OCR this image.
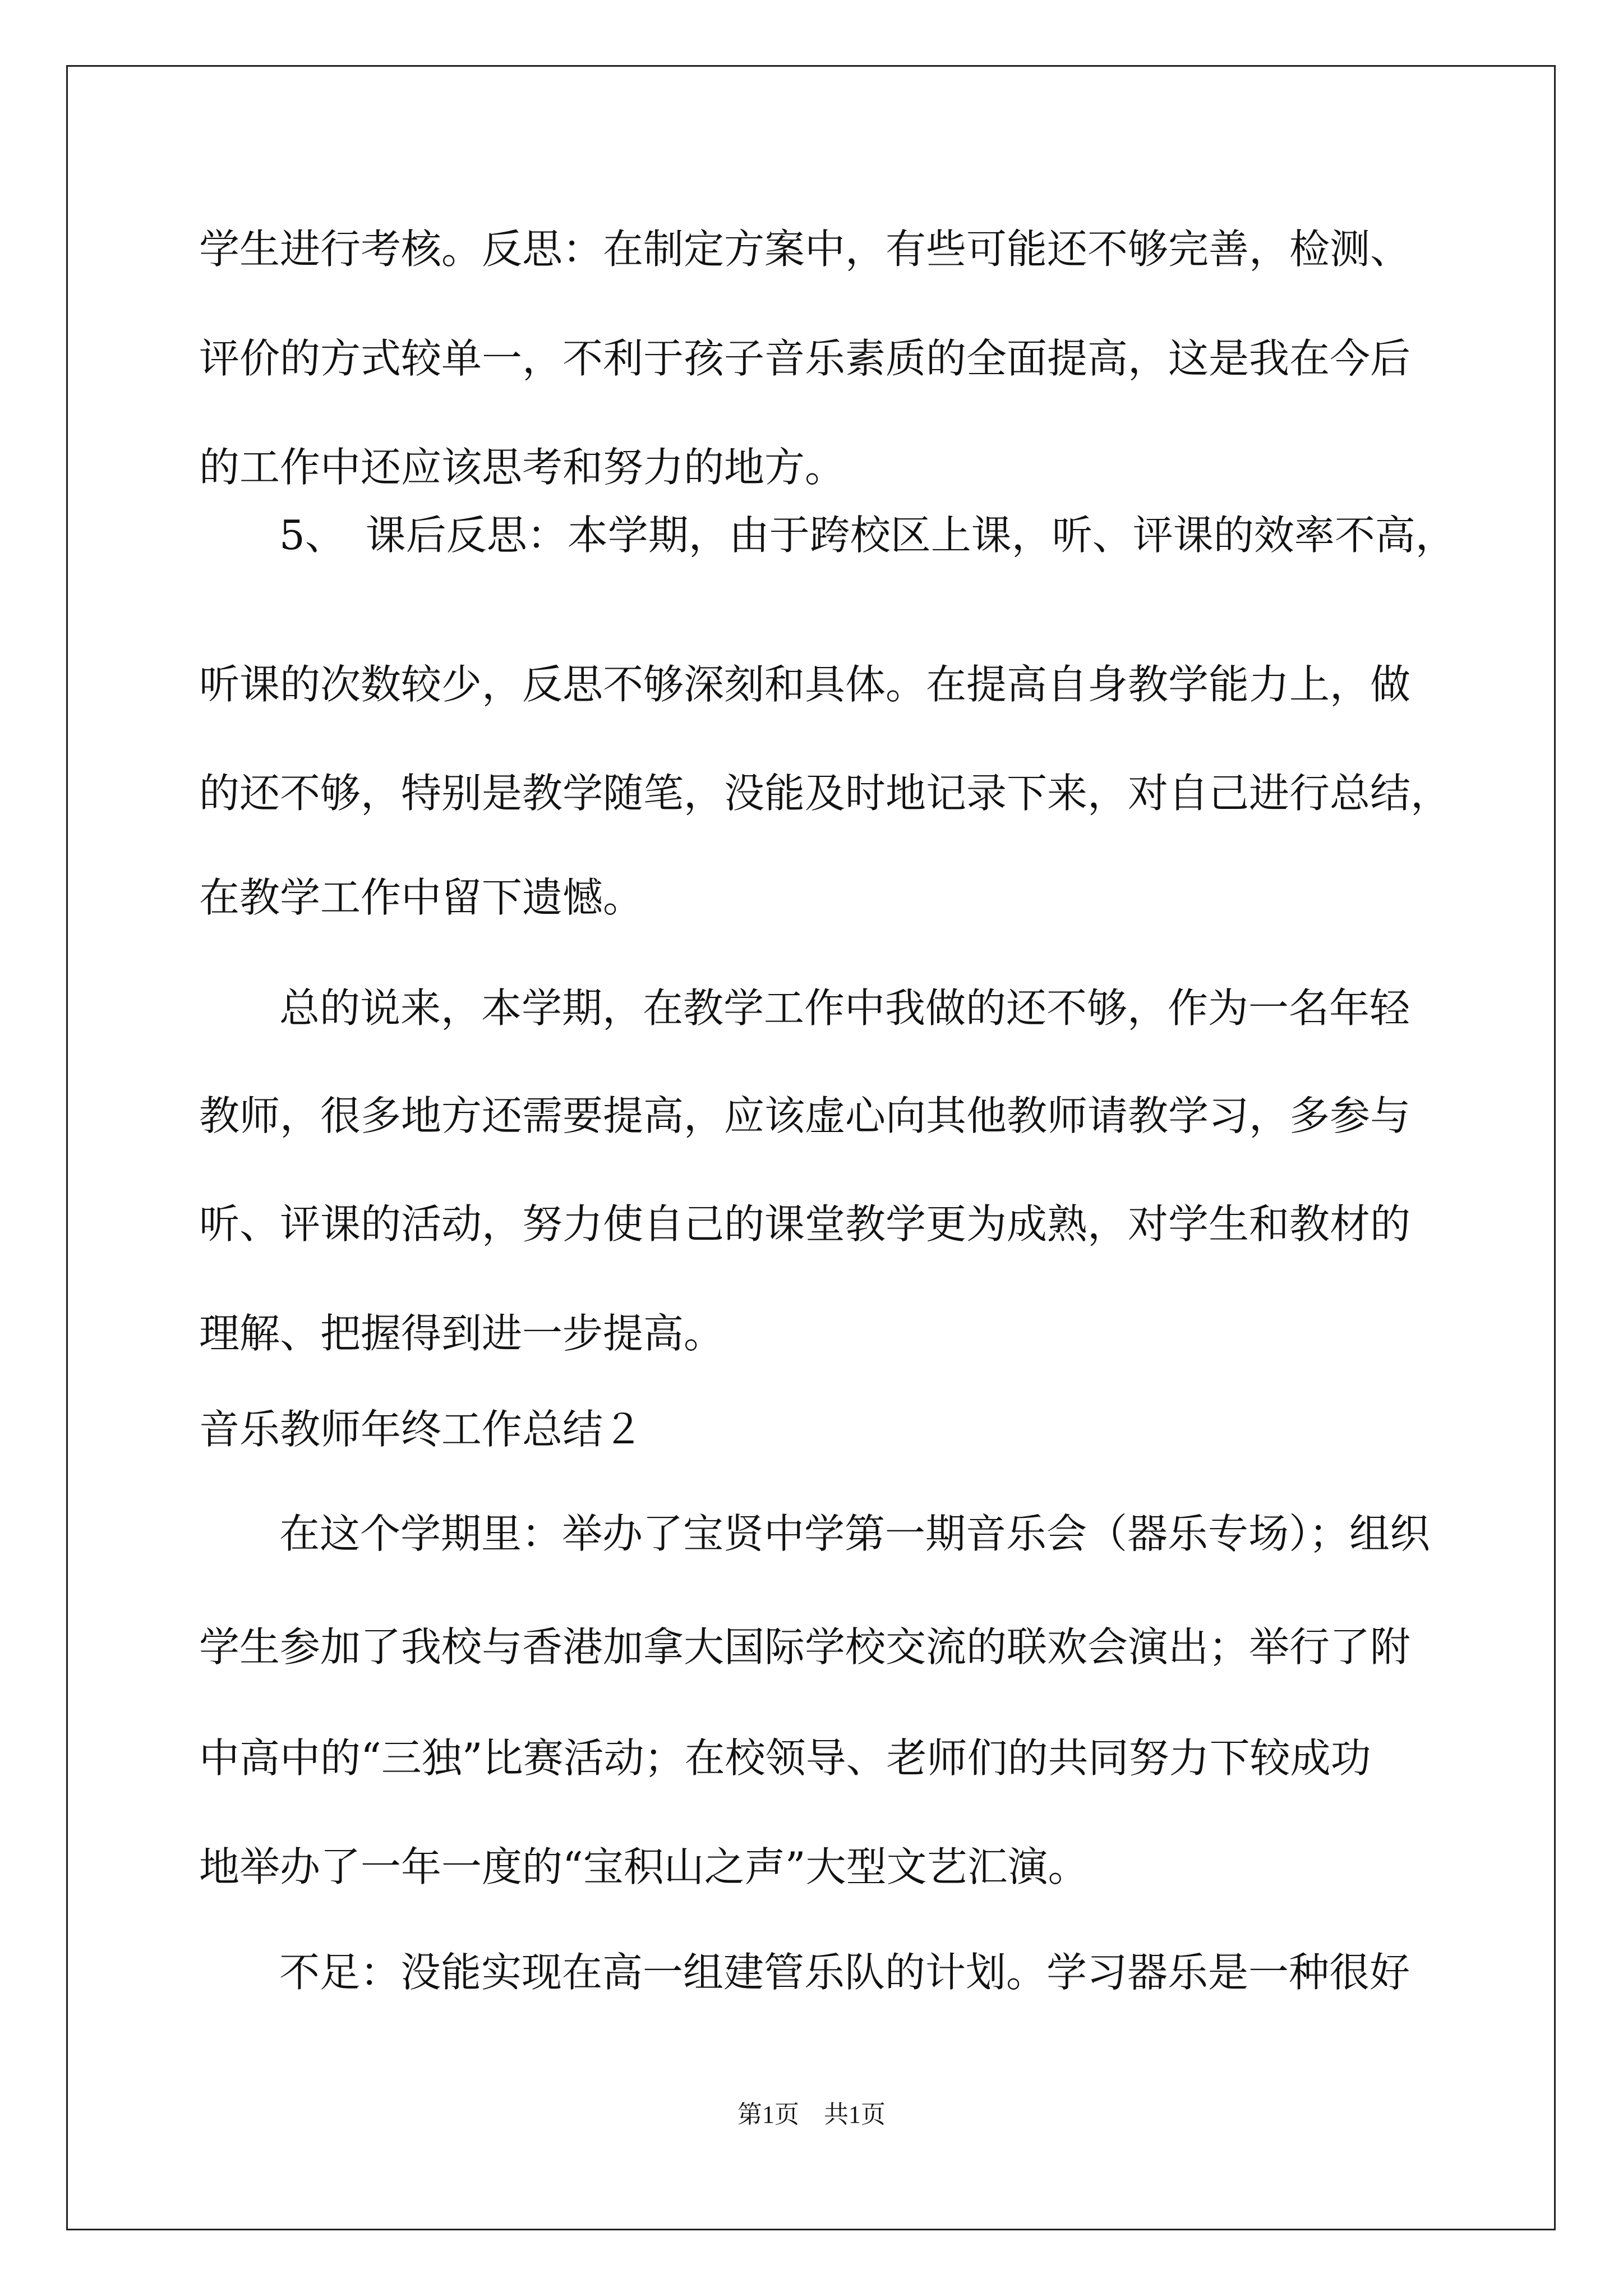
学生进行考核。反思：在制定方案中，有些可能还不够完善，检测、
评价的方式较单一，不利于孩子音乐素质的全面提高，这是我在今后
的工作中还应该思考和努力的地方。
5、　课后反思：本学期，由于跨校区上课，听、评课的效率不高，
听课的次数较少，反思不够深刻和具体。在提高自身教学能力上，做
的还不够，特别是教学随笔，没能及时地记录下来，对自己进行总结，
在教学工作中留下遗憾。
总的说来，本学期，在教学工作中我做的还不够，作为一名年轻
教师，很多地方还需要提高，应该虚心向其他教师请教学习，多参与
听、评课的活动，努力使自己的课堂教学更为成熟，对学生和教材的
理解、把握得到进一步提高。
音乐教师年终工作总结２
在这个学期里：举办了宝贤中学第一期音乐会（器乐专场）；组织
学生参加了我校与香港加拿大国际学校交流的联欢会演出；举行了附
中高中的“三独”比赛活动；在校领导、老师们的共同努力下较成功
地举办了一年一度的“宝积山之声”大型文艺汇演。
不足：没能实现在高一组建管乐队的计划。学习器乐是一种很好
第1页　共1页
